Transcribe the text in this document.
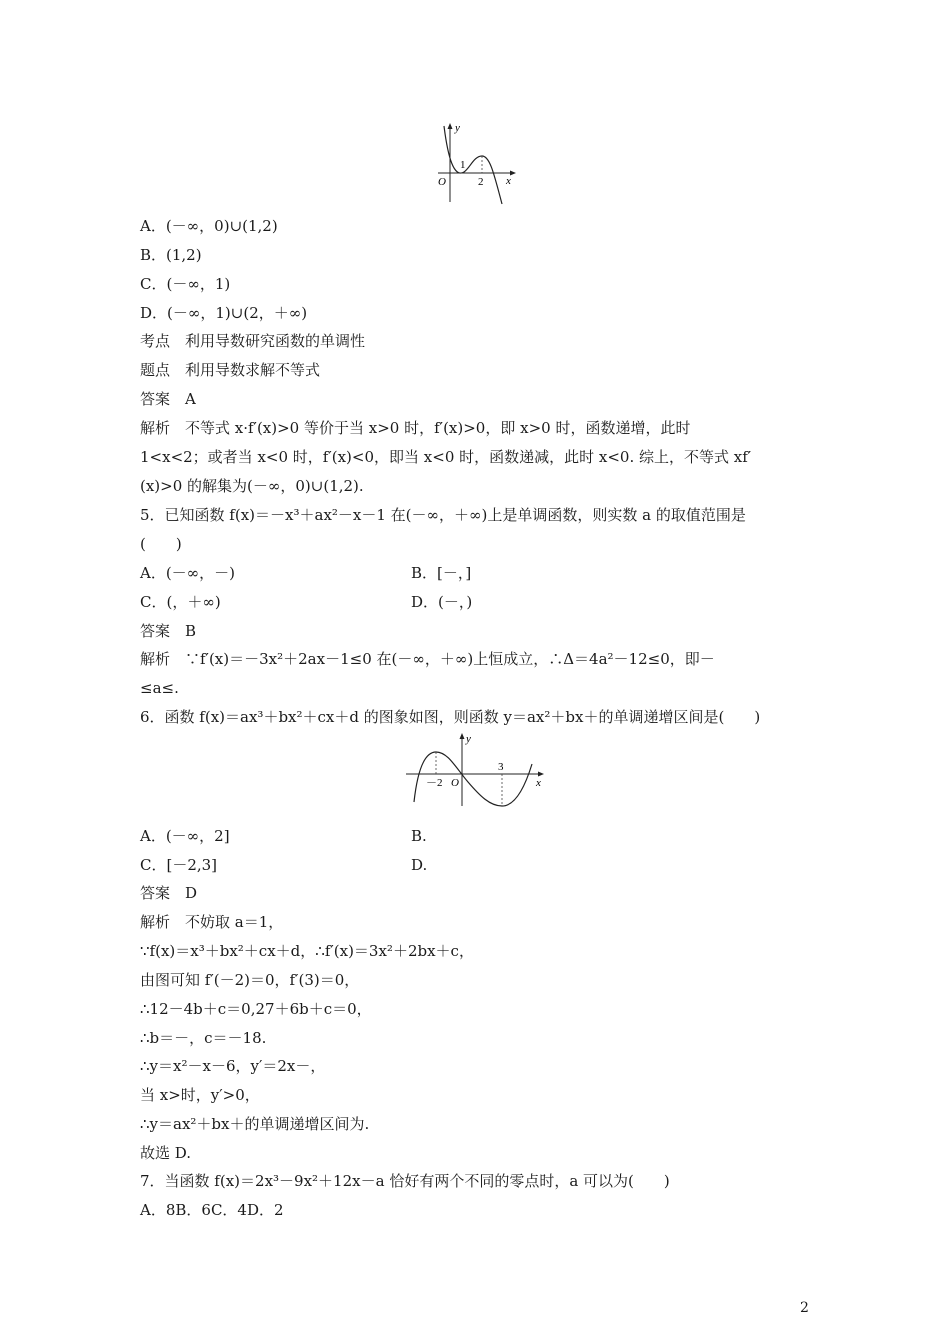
y
x
O
1
2
A．(－∞，0)∪(1,2)
B．(1,2)
C．(－∞，1)
D．(－∞，1)∪(2，＋∞)
考点　利用导数研究函数的单调性
题点　利用导数求解不等式
答案　A
解析　不等式 x·f′(x)>0 等价于当 x>0 时，f′(x)>0，即 x>0 时，函数递增，此时
1<x<2；或者当 x<0 时，f′(x)<0，即当 x<0 时，函数递减，此时 x<0. 综上，不等式 xf′
(x)>0 的解集为(－∞，0)∪(1,2).
5．已知函数 f(x)＝－x³＋ax²－x－1 在(－∞，＋∞)上是单调函数，则实数 a 的取值范围是
(　　)
A．(－∞，－)	B．[－，]
C．(，＋∞)	D．(－，)
答案　B
解析　∵f′(x)＝－3x²＋2ax－1≤0 在(－∞，＋∞)上恒成立，∴Δ＝4a²－12≤0，即－
≤a≤.
6．函数 f(x)＝ax³＋bx²＋cx＋d 的图象如图，则函数 y＝ax²＋bx＋的单调递增区间是(　　)
y
x
O
－2
3
A．(－∞，2]	B.
C．[－2,3]	D.
答案　D
解析　不妨取 a＝1，
∵f(x)＝x³＋bx²＋cx＋d，∴f′(x)＝3x²＋2bx＋c，
由图可知 f′(－2)＝0，f′(3)＝0，
∴12－4b＋c＝0,27＋6b＋c＝0，
∴b＝－，c＝－18.
∴y＝x²－x－6，y′＝2x－，
当 x>时，y′>0，
∴y＝ax²＋bx＋的单调递增区间为.
故选 D.
7．当函数 f(x)＝2x³－9x²＋12x－a 恰好有两个不同的零点时，a 可以为(　　)
A．8B．6C．4D．2
2
